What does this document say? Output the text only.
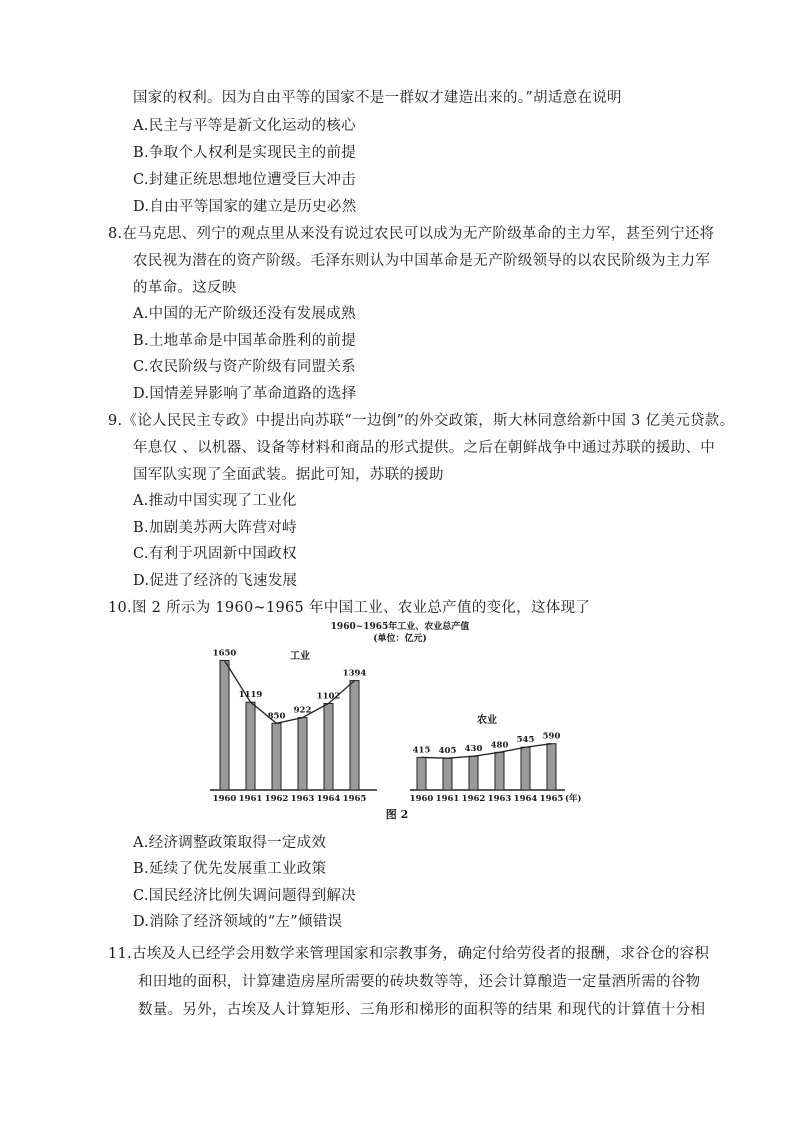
国家的权利。因为自由平等的国家不是一群奴才建造出来的。”胡适意在说明
A.民主与平等是新文化运动的核心
B.争取个人权利是实现民主的前提
C.封建正统思想地位遭受巨大冲击
D.自由平等国家的建立是历史必然
8.在马克思、列宁的观点里从来没有说过农民可以成为无产阶级革命的主力军，甚至列宁还将
农民视为潜在的资产阶级。毛泽东则认为中国革命是无产阶级领导的以农民阶级为主力军
的革命。这反映
A.中国的无产阶级还没有发展成熟
B.土地革命是中国革命胜利的前提
C.农民阶级与资产阶级有同盟关系
D.国情差异影响了革命道路的选择
9.《论人民民主专政》中提出向苏联“一边倒”的外交政策，斯大林同意给新中国 3 亿美元贷款。
年息仅 、以机器、设备等材料和商品的形式提供。之后在朝鲜战争中通过苏联的援助、中
国军队实现了全面武装。据此可知，苏联的援助
A.推动中国实现了工业化
B.加剧美苏两大阵营对峙
C.有利于巩固新中国政权
D.促进了经济的飞速发展
10.图 2 所示为 1960~1965 年中国工业、农业总产值的变化，这体现了
1960~1965年工业、农业总产值
(单位：亿元)
工业
农业
图 2
(年)
1650
1960
1119
1961
850
1962
922
1963
1102
1964
1394
1965
415
1960
405
1961
430
1962
480
1963
545
1964
590
1965
A.经济调整政策取得一定成效
B.延续了优先发展重工业政策
C.国民经济比例失调问题得到解决
D.消除了经济领域的“左”倾错误
11.古埃及人已经学会用数学来管理国家和宗教事务，确定付给劳役者的报酬，求谷仓的容积
和田地的面积，计算建造房屋所需要的砖块数等等，还会计算酿造一定量酒所需的谷物
数量。另外，古埃及人计算矩形、三角形和梯形的面积等的结果 和现代的计算值十分相
